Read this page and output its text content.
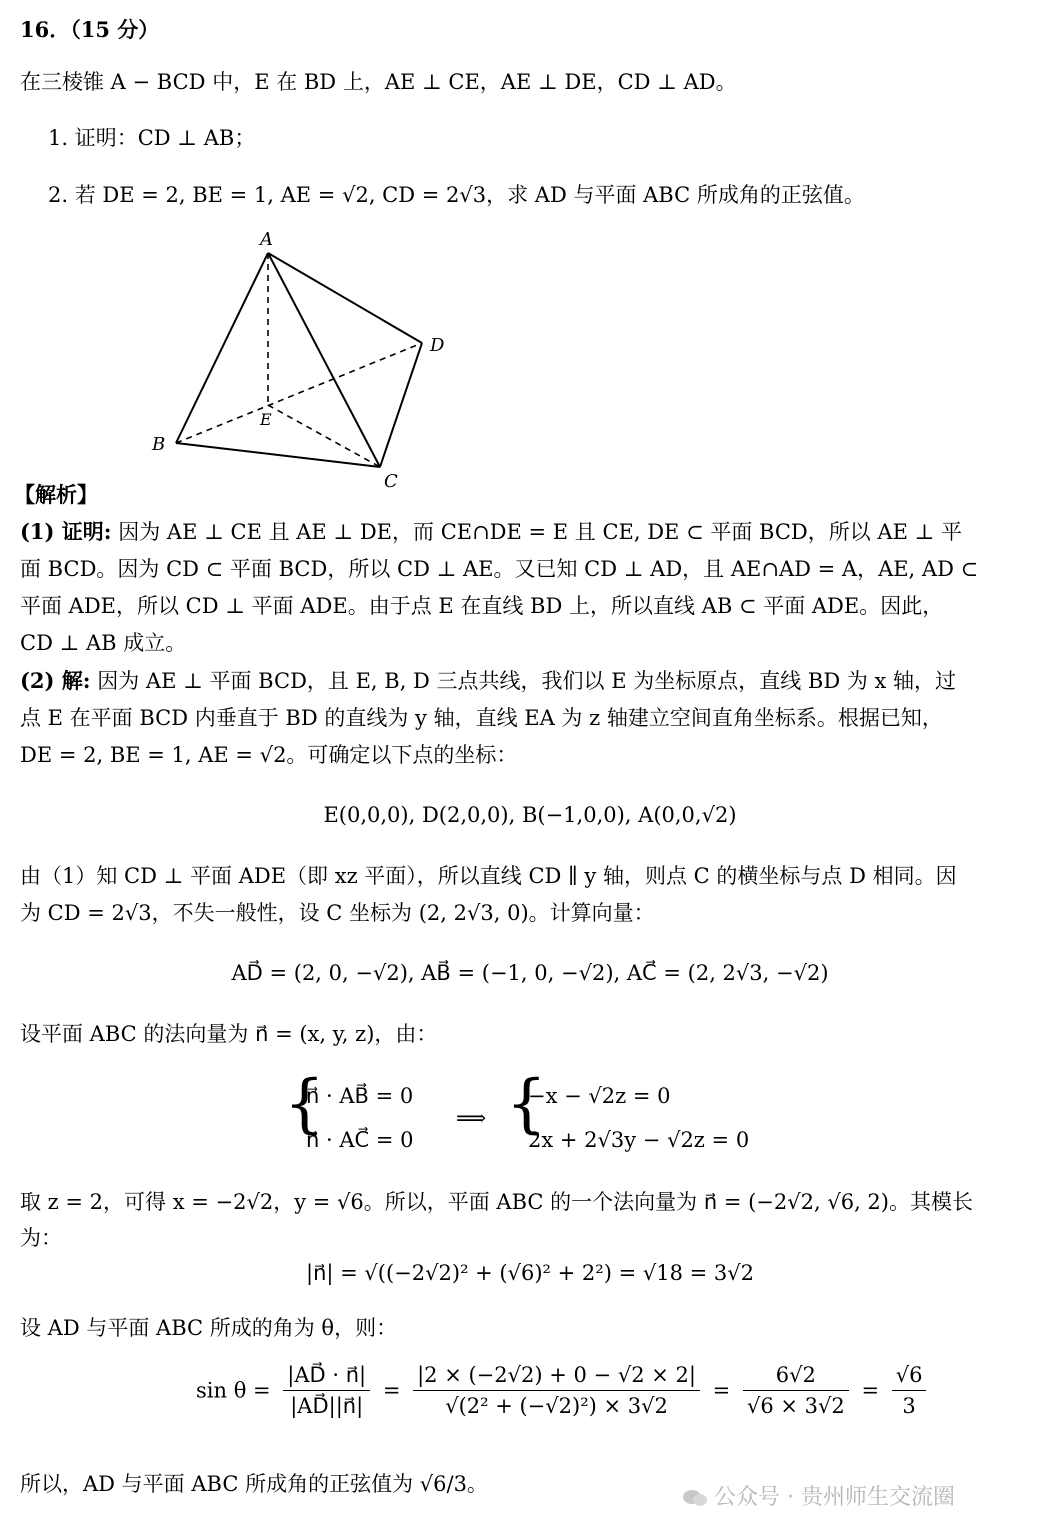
16．（15 分）
在三棱锥 A − BCD 中，E 在 BD 上，AE ⊥ CE，AE ⊥ DE，CD ⊥ AD。
1. 证明：CD ⊥ AB；
2. 若 DE = 2, BE = 1, AE = √2, CD = 2√3，求 AD 与平面 ABC 所成角的正弦值。
A
D
B
C
E
【解析】
(1) 证明: 因为 AE ⊥ CE 且 AE ⊥ DE，而 CE∩DE = E 且 CE, DE ⊂ 平面 BCD，所以 AE ⊥ 平
面 BCD。因为 CD ⊂ 平面 BCD，所以 CD ⊥ AE。又已知 CD ⊥ AD，且 AE∩AD = A，AE, AD ⊂
平面 ADE，所以 CD ⊥ 平面 ADE。由于点 E 在直线 BD 上，所以直线 AB ⊂ 平面 ADE。因此，
CD ⊥ AB 成立。
(2) 解: 因为 AE ⊥ 平面 BCD，且 E, B, D 三点共线，我们以 E 为坐标原点，直线 BD 为 x 轴，过
点 E 在平面 BCD 内垂直于 BD 的直线为 y 轴，直线 EA 为 z 轴建立空间直角坐标系。根据已知，
DE = 2, BE = 1, AE = √2。可确定以下点的坐标：
E(0,0,0), D(2,0,0), B(−1,0,0), A(0,0,√2)
由（1）知 CD ⊥ 平面 ADE（即 xz 平面），所以直线 CD ∥ y 轴，则点 C 的横坐标与点 D 相同。因
为 CD = 2√3，不失一般性，设 C 坐标为 (2, 2√3, 0)。计算向量：
AD⃗ = (2, 0, −√2), AB⃗ = (−1, 0, −√2), AC⃗ = (2, 2√3, −√2)
设平面 ABC 的法向量为 n⃗ = (x, y, z)，由：
{
n⃗ · AB⃗ = 0
n⃗ · AC⃗ = 0
⟹ {
−x − √2z = 0
2x + 2√3y − √2z = 0
取 z = 2，可得 x = −2√2，y = √6。所以，平面 ABC 的一个法向量为 n⃗ = (−2√2, √6, 2)。其模长
为：
|n⃗| = √((−2√2)² + (√6)² + 2²) = √18 = 3√2
设 AD 与平面 ABC 所成的角为 θ，则：
$\sin \theta = \frac{|AD⃗ \cdot n⃗|}{|AD⃗||n⃗|} = \frac{|2 \times (-2√2) + 0 - √2 \times 2|}{\text{√(2² + (−√2)²) × 3√2}} = \frac{6√2}{√6 \times 3√2} = \frac{√6}{3}$
所以，AD 与平面 ABC 所成角的正弦值为 √6/3。
公众号 · 贵州师生交流圈
